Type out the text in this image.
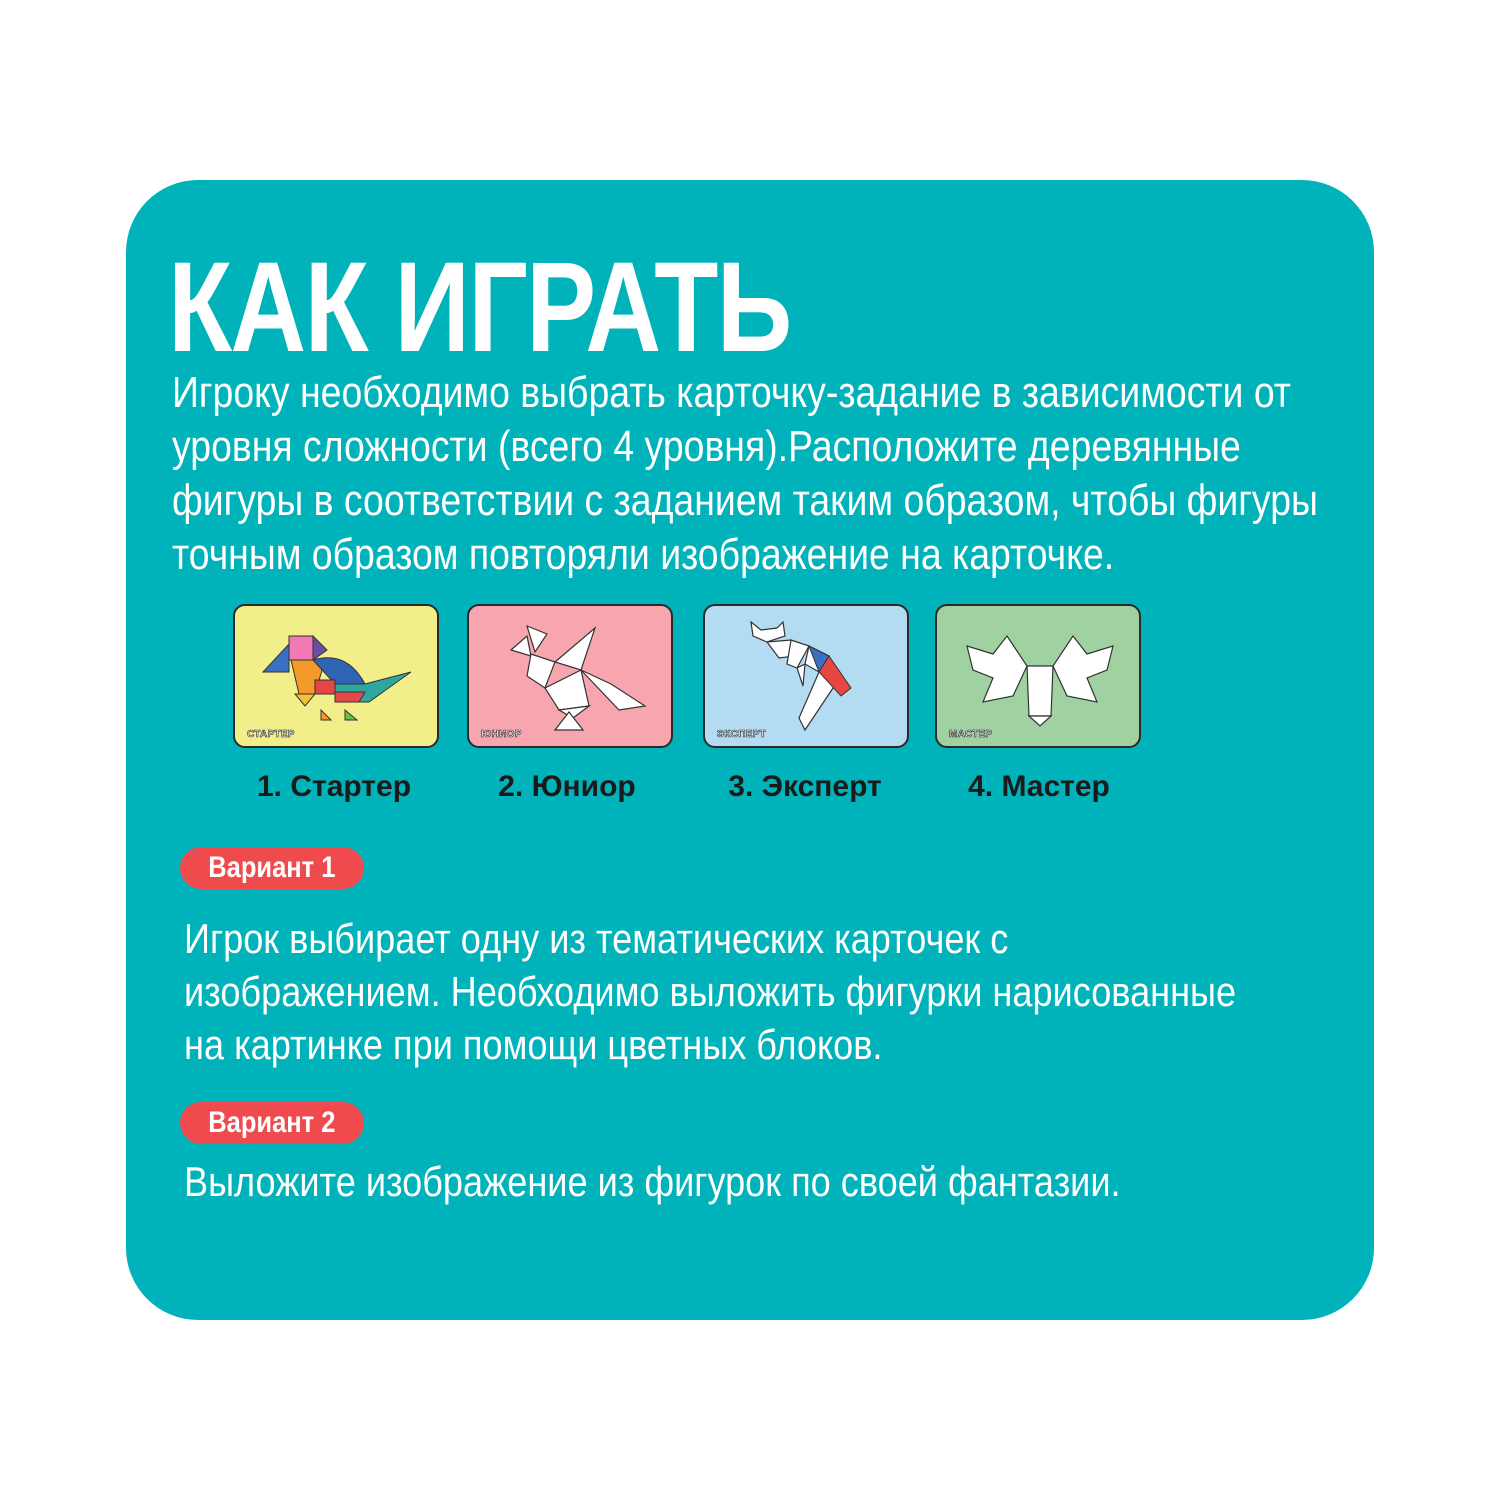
КАК ИГРАТЬ

Игроку необходимо выбрать карточку-задание в зависимости от уровня сложности (всего 4 уровня).Расположите деревянные фигуры в соответствии с заданием таким образом, чтобы фигуры точным образом повторяли изображение на карточке.

СТАРТЕР	ЮНИОР	ЭКСПЕРТ	МАСТЕР
1. Стартер	2. Юниор	3. Эксперт	4. Мастер
Вариант 1

Игрок выбирает одну из тематических карточек с изображением. Необходимо выложить фигурки нарисованные на картинке при помощи цветных блоков.

Вариант 2

Выложите изображение из фигурок по своей фантазии.
